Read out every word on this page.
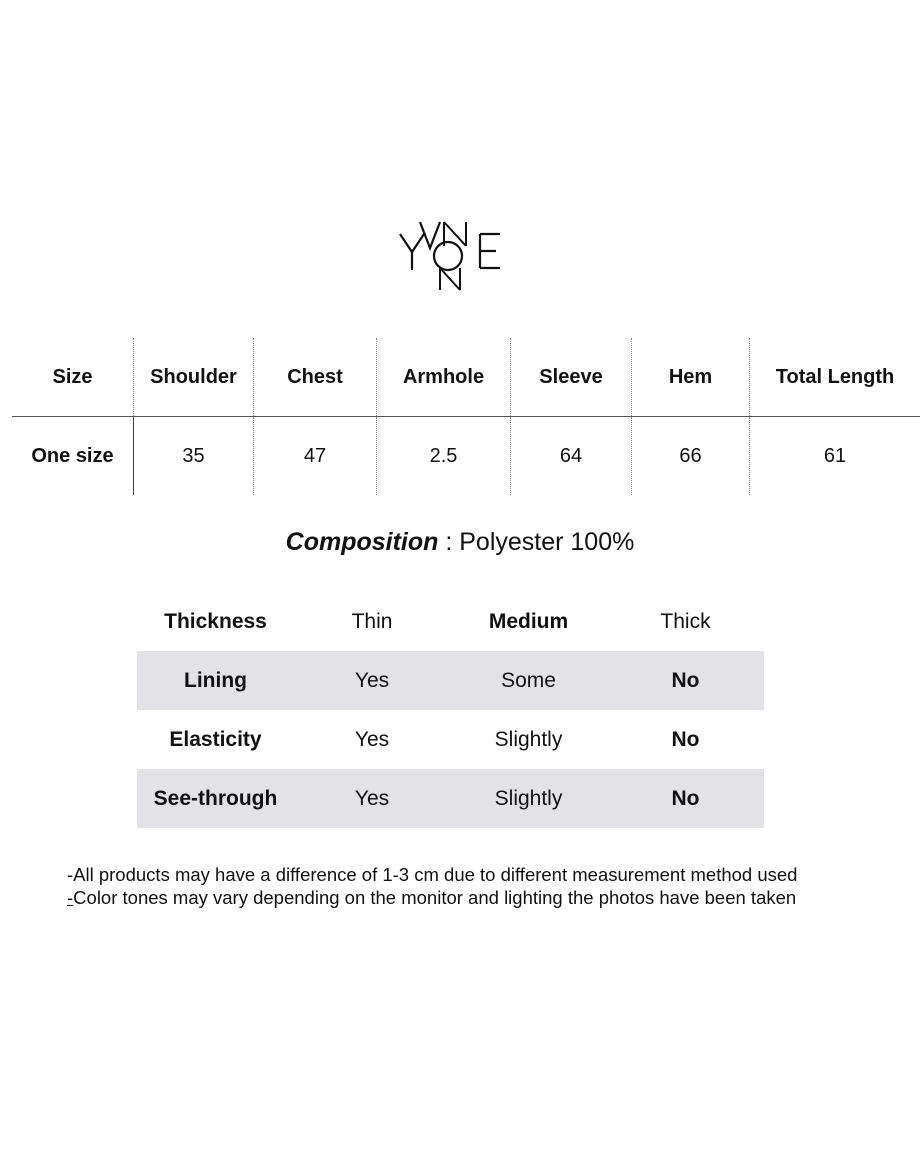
Size	Shoulder	Chest	Armhole	Sleeve	Hem	Total Length
One size	35	47	2.5	64	66	61
Composition : Polyester 100%
Thickness	Thin	Medium	Thick
Lining	Yes	Some	No
Elasticity	Yes	Slightly	No
See-through	Yes	Slightly	No
-All products may have a difference of 1-3 cm due to different measurement method used
-Color tones may vary depending on the monitor and lighting the photos have been taken
